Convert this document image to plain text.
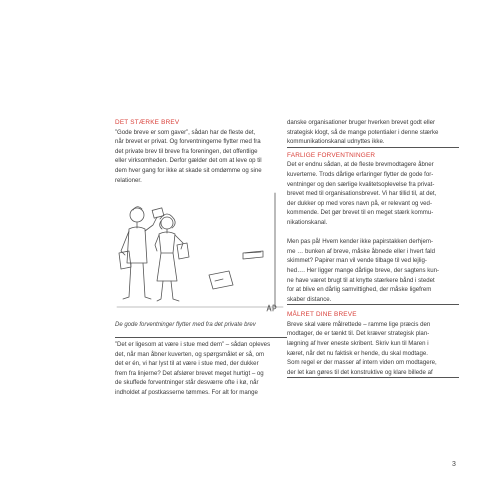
DET STÆRKE BREV
”Gode breve er som gaver”, sådan har de fleste det,
når brevet er privat. Og forventningerne flytter med fra
det private brev til breve fra foreningen, det offentlige
eller virksomheden. Derfor gælder det om at leve op til
dem hver gang for ikke at skade sit omdømme og sine
relationer.
De gode forventninger flytter med fra det private brev
”Det er ligesom at være i stue med dem” – sådan opleves
det, når man åbner kuverten, og spørgsmålet er så, om
det er én, vi har lyst til at være i stue med, der dukker
frem fra linjerne? Det afslører brevet meget hurtigt – og
de skuffede forventninger står desværre ofte i kø, når
indholdet af postkasserne tømmes. For alt for mange
danske organisationer bruger hverken brevet godt eller
strategisk klogt, så de mange potentialer i denne stærke
kommunikationskanal udnyttes ikke.
FARLIGE FORVENTNINGER
Det er endnu sådan, at de fleste brevmodtagere åbner
kuverterne. Trods dårlige erfaringer flytter de gode for-
ventninger og den særlige kvalitetsoplevelse fra privat-
brevet med til organisationsbrevet. Vi har tillid til, at det,
der dukker op med vores navn på, er relevant og ved-
kommende. Det gør brevet til en meget stærk kommu-
nikationskanal.
Men pas på! Hvem kender ikke papirstakken derhjem-
me … bunken af breve, måske åbnede eller i hvert fald
skimmet? Papirer man vil vende tilbage til ved lejlig-
hed…. Her ligger mange dårlige breve, der sagtens kun-
ne have været brugt til at knytte stærkere bånd i stedet
for at blive en dårlig samvittighed, der måske ligefrem
skaber distance.
MÅLRET DINE BREVE
Breve skal være målrettede – ramme lige præcis den
modtager, de er tænkt til. Det kræver strategisk plan-
lægning af hver eneste skribent. Skriv kun til Maren i
kæret, når det nu faktisk er hende, du skal modtage.
Som regel er der masser af intern viden om modtagere,
der let kan gøres til det konstruktive og klare billede af
3
